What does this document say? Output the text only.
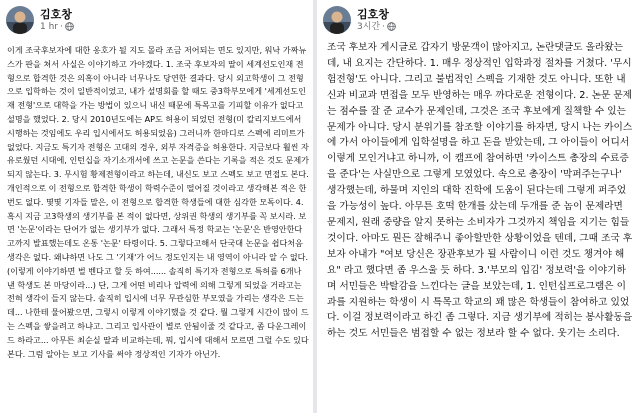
김호창
1 hr ·

이게 조국후보자에 대한 옹호가 될 지도 몰라 조금 저어되는 면도 있지만, 워낙 가짜뉴스가 판을 쳐서 사실은 이야기하고 가야겠다. 1. 조국 후보자의 딸이 세계선도인재 전형으로 합격한 것은 의혹이 아니라 너무나도 당연한 결과다. 당시 외고학생이 그 전형으로 입학하는 것이 일반적이었고, 내가 설명회를 할 때도 중3학부모에게 '세계선도인재 전형'으로 대학을 가는 방법이 있으니 내신 때문에 특목고를 기피할 이유가 없다고 설명을 했었다. 2. 당시 2010년도에는 AP도 허용이 되었던 전형(미 칼리지보드에서 시행하는 것임에도 우리 입시에서도 허용되었음) 그러니까 한마디로 스펙에 리미트가 없었다. 지금도 특기자 전형은 고대의 경우, 외부 자격증을 허용한다. 지금보다 훨씬 자유로웠던 시대에, 인턴십을 자기소개서에 쓰고 논문을 쓴다는 기록을 적은 것도 문제가 되지 않는다. 3. 무시험 황제전형이라고 하는데, 내신도 보고 스펙도 보고 면접도 본다. 개인적으로 이 전형으로 합격한 학생이 학력수준이 떨어질 것이라고 생각해본 적은 한번도 없다. 몇몇 기자들 말은, 이 전형으로 합격한 학생들에 대한 심각한 모독이다. 4. 혹시 지금 고3학생의 생기부를 본 적이 없다면, 상위권 학생의 생기부를 꼭 보시라. 보면 '논문'이라는 단어가 없는 생기부가 없다. 그래서 특정 학교는 '논문'은 반영안한다고까지 발표했는데도 온통 '논문' 타령이다. 5. 그렇다고해서 단국대 논문을 쉽다처음 생각은 없다. 왜냐하면 나도 그 '기재'가 어느 정도인지는 내 영역이 아니라 알 수 없다. (이렇게 이야기하면 벌 벤다고 할 듯 하여...... 솔직히 특기자 전형으로 특허를 6개나 낸 학생도 본 마당이라...) 단, 그게 어떤 비리나 압력에 의해 그렇게 되었을 거라고는 전혀 생각이 들지 않는다. 솔직히 입시에 너무 무관심한 부모였을 가리는 생각은 드는데... 나한테 물어봤으면, 그렇시 이렇게 이야기했을 것 같다. 뭘 그렇게 시간이 많이 드는 스펙을 쌓을려고 하냐고. 그리고 입사관이 별로 안됨이줄 것 같다고, 좀 다운그레이드 하라고... 아무튼 최순실 딸과 비교하는데, 뭐, 입시에 대해서 모르면 그럴 수도 있다 본다. 그럼 알아는 보고 기사를 써야 정상적인 기자가 아닌가.

김호창
3시간 ·

조국 후보자 게시글로 갑자기 방문객이 많아지고, 논란댓글도 올라왔는데, 내 요지는 간단하다. 1. 매우 정상적인 입학과정 절차를 거쳤다. '무시험전형'도 아니다. 그리고 불법적인 스펙을 기재한 것도 아니다. 또한 내신과 비교과 면접을 모두 반영하는 매우 까다로운 전형이다. 2. 논문 문제는 점수를 잘 준 교수가 문제인데, 그것은 조국 후보에게 질책할 수 있는 문제가 아니다. 당시 분위기를 참조할 이야기를 하자면, 당시 나는 카이스에 가서 아이들에게 입학설명을 하고 돈을 받았는데, 그 아이들이 어디서 이렇게 모인거냐고 하니까, 이 캠프에 참여하면 '카이스트 총장의 수료증을 준다'는 사실만으로 그렇게 모였었다. 속으로 총장이 '막퍼주는구나' 생각했는데, 하물며 지인의 대학 진학에 도움이 된다는데 그렇게 퍼주었을 가능성이 높다. 아무튼 호떡 한개를 샀는데 두개를 준 놈이 문제라면 문제지, 원래 중량을 알지 못하는 소비자가 그것까지 책임을 지기는 힘들 것이다. 아마도 뭔든 잘해주니 좋아할만한 상황이었을 텐데, 그때 조국 후보자 아내가 "여보 당신은 장관후보가 될 사람이니 이런 것도 챙겨야 해요" 라고 했다면 좀 우스울 듯 하다. 3.'부모의 입김' 정보력'을 이야기하며 서민들은 박탈감을 느낀다는 글을 보았는데, 1. 인턴십프로그램은 이과를 지원하는 학생이 시 특목고 학교의 꽤 많은 학생들이 참여하고 있었다. 이걸 정보력이라고 하긴 좀 그렇다. 지금 생기부에 적히는 봉사활동을 하는 것도 서민들은 범접할 수 없는 정보라 할 수 없다. 웃기는 소리다.
